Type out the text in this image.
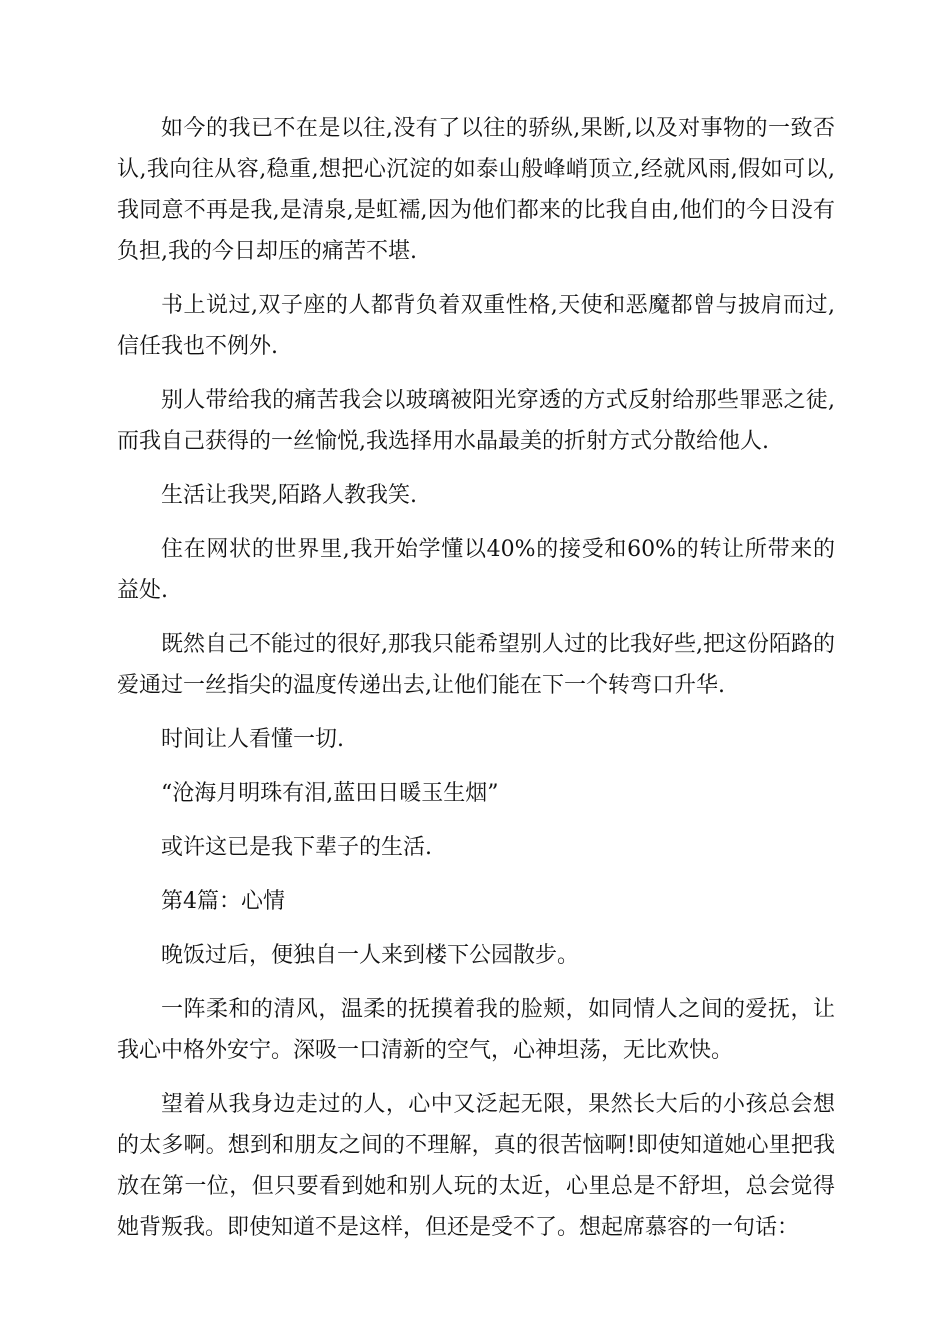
如今的我已不在是以往,没有了以往的骄纵,果断,以及对事物的一致否认,我向往从容,稳重,想把心沉淀的如泰山般峰峭顶立,经就风雨,假如可以,我同意不再是我,是清泉,是虹襦,因为他们都来的比我自由,他们的今日没有负担,我的今日却压的痛苦不堪.

书上说过,双子座的人都背负着双重性格,天使和恶魔都曾与披肩而过,信任我也不例外.

别人带给我的痛苦我会以玻璃被阳光穿透的方式反射给那些罪恶之徒,而我自己获得的一丝愉悦,我选择用水晶最美的折射方式分散给他人.

生活让我哭,陌路人教我笑.

住在网状的世界里,我开始学懂以40%的接受和60%的转让所带来的益处.

既然自己不能过的很好,那我只能希望别人过的比我好些,把这份陌路的爱通过一丝指尖的温度传递出去,让他们能在下一个转弯口升华.

时间让人看懂一切.

“沧海月明珠有泪,蓝田日暖玉生烟”

或许这已是我下辈子的生活.

第4篇：心情

晚饭过后，便独自一人来到楼下公园散步。

一阵柔和的清风，温柔的抚摸着我的脸颊，如同情人之间的爱抚，让我心中格外安宁。深吸一口清新的空气，心神坦荡，无比欢快。

望着从我身边走过的人，心中又泛起无限，果然长大后的小孩总会想的太多啊。想到和朋友之间的不理解，真的很苦恼啊!即使知道她心里把我放在第一位，但只要看到她和别人玩的太近，心里总是不舒坦，总会觉得她背叛我。即使知道不是这样，但还是受不了。想起席慕容的一句话：
